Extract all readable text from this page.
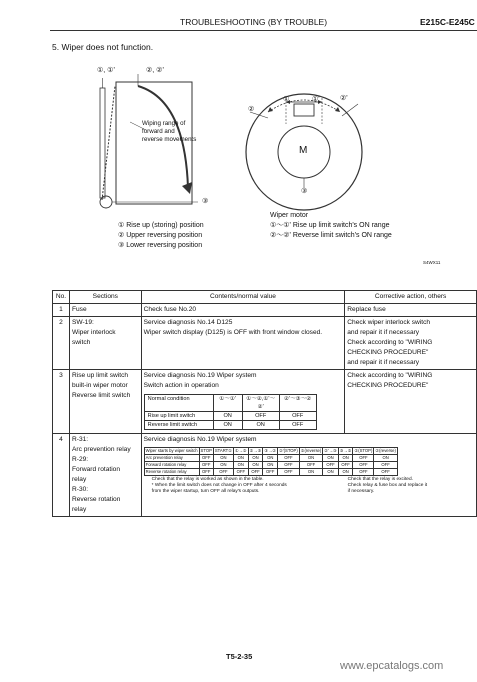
TROUBLESHOOTING (BY TROUBLE)	E215C-E245C
5. Wiper does not function.
①, ①'	②, ②'
Wiping range of
forward and
reverse movements
③
① Rise up (storing) position
② Upper reversing position
③ Lower reversing position
②
①	①'	②'
M
③
Wiper motor
①～①' Rise up limit switch's ON range
②～②' Reverse limit switch's ON range
S4WX11
No.	Sections	Contents/normal value	Corrective action, others
1	Fuse	Check fuse No.20	Replace fuse
2	SW-19:
Wiper interlock
switch

Service diagnosis No.14 D125
Wiper switch display (D125) is OFF with front window closed.

Check wiper interlock switch
and repair it if necessary
Check according to "WIRING
CHECKING PROCEDURE"
and repair it if necessary

3	Rise up limit switch
built-in wiper motor
Reverse limit switch

Service diagnosis No.19 Wiper system
Switch action in operation
Normal condition	①～①'	①～②,①'～②'	②'～③～②
Rise up limit switch	ON	OFF	OFF
Reverse limit switch	ON	ON	OFF

Check according to "WIRING
CHECKING PROCEDURE"

4	R-31:
Arc prevention relay
R-29:
Forward rotation
relay
R-30:
Reverse rotation
relay

Service diagnosis No.19 Wiper system
Wiper starts by wiper switch	STOP	START①	①→②	②→③	③→②	②'(STOP)	②(reverse)	②'→③	③→②	②(STOP)	②(reverse)
Arc prevention relay	OFF	ON	ON	ON	ON	OFF	ON	ON	ON	OFF	ON
Forward rotation relay	OFF	ON	ON	ON	ON	OFF	OFF	OFF	OFF	OFF	OFF
Reverse rotation relay	OFF	OFF	OFF	OFF	OFF	OFF	ON	ON	ON	OFF	OFF
Check that the relay is worked as shown in the table.
* When the limit switch does not change in OFF after 4 seconds
from the wiper startup, turn OFF all relay's outputs.
Check that the relay is excited.
Check relay & fuse box and replace it
if necessary.
T5-2-35
www.epcatalogs.com
